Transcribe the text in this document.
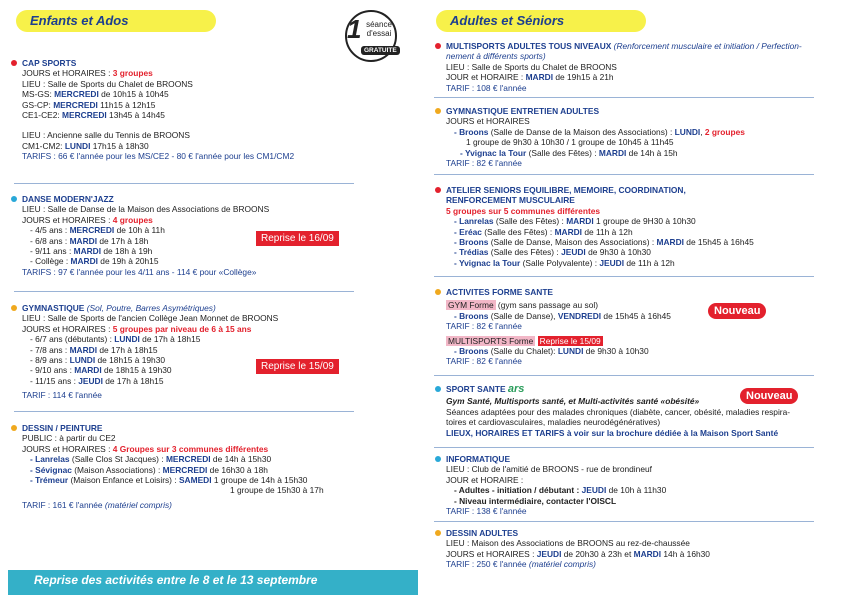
Enfants et Ados	1 séance
d'essai
GRATUITE
CAP SPORTS
JOURS et HORAIRES : 3 groupes
LIEU : Salle de Sports du Chalet de BROONS
MS-GS: MERCREDI de 10h15 à 10h45
GS-CP: MERCREDI 11h15 à 12h15
CE1-CE2: MERCREDI 13h45 à 14h45
LIEU : Ancienne salle du Tennis de BROONS
CM1-CM2: LUNDI 17h15 à 18h30
TARIFS : 66 € l'année pour les MS/CE2 - 80 € l'année pour les CM1/CM2
DANSE MODERN'JAZZ
LIEU : Salle de Danse de la Maison des Associations de BROONS
JOURS et HORAIRES : 4 groupes
- 4/5 ans : MERCREDI de 10h à 11h
- 6/8 ans : MARDI de 17h à 18h
- 9/11 ans : MARDI de 18h à 19h
- Collège : MARDI de 19h à 20h15
TARIFS : 97 € l'année pour les 4/11 ans - 114 € pour «Collège»
Reprise le 16/09
GYMNASTIQUE (Sol, Poutre, Barres Asymétriques)
LIEU : Salle de Sports de l'ancien Collège Jean Monnet de BROONS
JOURS et HORAIRES : 5 groupes par niveau de 6 à 15 ans
- 6/7 ans (débutants) : LUNDI de 17h à 18h15
- 7/8 ans : MARDI de 17h à 18h15
- 8/9 ans : LUNDI de 18h15 à 19h30
- 9/10 ans : MARDI de 18h15 à 19h30
- 11/15 ans : JEUDI de 17h à 18h15
TARIF : 114 € l'année
Reprise le 15/09
DESSIN / PEINTURE
PUBLIC : à partir du CE2
JOURS et HORAIRES : 4 Groupes sur 3 communes différentes
- Lanrelas (Salle Clos St Jacques) : MERCREDI de 14h à 15h30
- Sévignac (Maison Associations) : MERCREDI de 16h30 à 18h
- Trémeur (Maison Enfance et Loisirs) : SAMEDI 1 groupe de 14h à 15h30
1 groupe de 15h30 à 17h
TARIF : 161 € l'année (matériel compris)
Reprise des activités entre le 8 et le 13 septembre
Adultes et Séniors
MULTISPORTS ADULTES TOUS NIVEAUX (Renforcement musculaire et initiation / Perfection-
nement à différents sports)
LIEU : Salle de Sports du Chalet de BROONS
JOUR et HORAIRE : MARDI de 19h15 à 21h
TARIF : 108 € l'année
GYMNASTIQUE ENTRETIEN ADULTES
JOURS et HORAIRES
- Broons (Salle de Danse de la Maison des Associations) : LUNDI, 2 groupes
1 groupe de 9h30 à 10h30 / 1 groupe de 10h45 à 11h45
- Yvignac la Tour (Salle des Fêtes) : MARDI de 14h à 15h
TARIF : 82 € l'année
ATELIER SENIORS EQUILIBRE, MEMOIRE, COORDINATION,
RENFORCEMENT MUSCULAIRE
5 groupes sur 5 communes différentes
- Lanrelas (Salle des Fêtes) : MARDI 1 groupe de 9H30 à 10h30
- Eréac (Salle des Fêtes) : MARDI de 11h à 12h
- Broons (Salle de Danse, Maison des Associations) : MARDI de 15h45 à 16h45
- Trédias (Salle des Fêtes) : JEUDI de 9h30 à 10h30
- Yvignac la Tour (Salle Polyvalente) : JEUDI de 11h à 12h
ACTIVITES FORME SANTE
GYM Forme (gym sans passage au sol)
- Broons (Salle de Danse), VENDREDI de 15h45 à 16h45
TARIF : 82 € l'année
MULTISPORTS Forme Reprise le 15/09
- Broons (Salle du Chalet): LUNDI de 9h30 à 10h30
TARIF : 82 € l'année
Nouveau
SPORT SANTE ars
Gym Santé, Multisports santé, et Multi-activités santé «obésité»
Séances adaptées pour des malades chroniques (diabète, cancer, obésité, maladies respira-
toires et cardiovasculaires, maladies neurodégénératives)
LIEUX, HORAIRES ET TARIFS à voir sur la brochure dédiée à la Maison Sport Santé
Nouveau
INFORMATIQUE
LIEU : Club de l'amitié de BROONS - rue de brondineuf
JOUR et HORAIRE :
- Adultes - initiation / débutant : JEUDI de 10h à 11h30
- Niveau intermédiaire, contacter l'OISCL
TARIF : 138 € l'année
DESSIN ADULTES
LIEU : Maison des Associations de BROONS au rez-de-chaussée
JOURS et HORAIRES : JEUDI de 20h30 à 23h et MARDI 14h à 16h30
TARIF : 250 € l'année (matériel compris)
